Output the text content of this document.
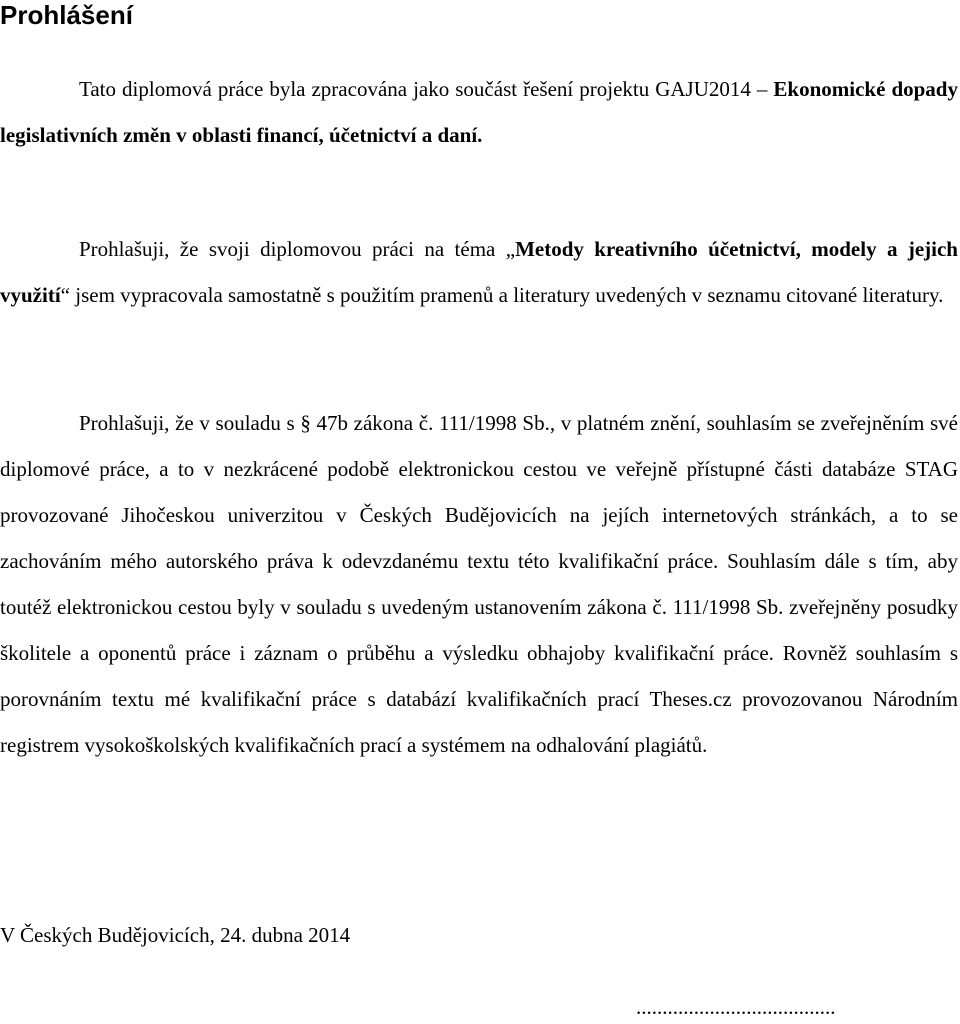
Prohlášení

Tato diplomová práce byla zpracována jako součást řešení projektu GAJU2014 – Ekonomické dopady legislativních změn v oblasti financí, účetnictví a daní.

Prohlašuji, že svoji diplomovou práci na téma „Metody kreativního účetnictví, modely a jejich využití“ jsem vypracovala samostatně s použitím pramenů a literatury uvedených v seznamu citované literatury.

Prohlašuji, že v souladu s § 47b zákona č. 111/1998 Sb., v platném znění, souhlasím se zveřejněním své diplomové práce, a to v nezkrácené podobě elektronickou cestou ve veřejně přístupné části databáze STAG provozované Jihočeskou univerzitou v Českých Budějovicích na jejích internetových stránkách, a to se zachováním mého autorského práva k odevzdanému textu této kvalifikační práce. Souhlasím dále s tím, aby toutéž elektronickou cestou byly v souladu s uvedeným ustanovením zákona č. 111/1998 Sb. zveřejněny posudky školitele a oponentů práce i záznam o průběhu a výsledku obhajoby kvalifikační práce. Rovněž souhlasím s porovnáním textu mé kvalifikační práce s databází kvalifikačních prací Theses.cz provozovanou Národním registrem vysokoškolských kvalifikačních prací a systémem na odhalování plagiátů.

V Českých Budějovicích, 24. dubna 2014

......................................
